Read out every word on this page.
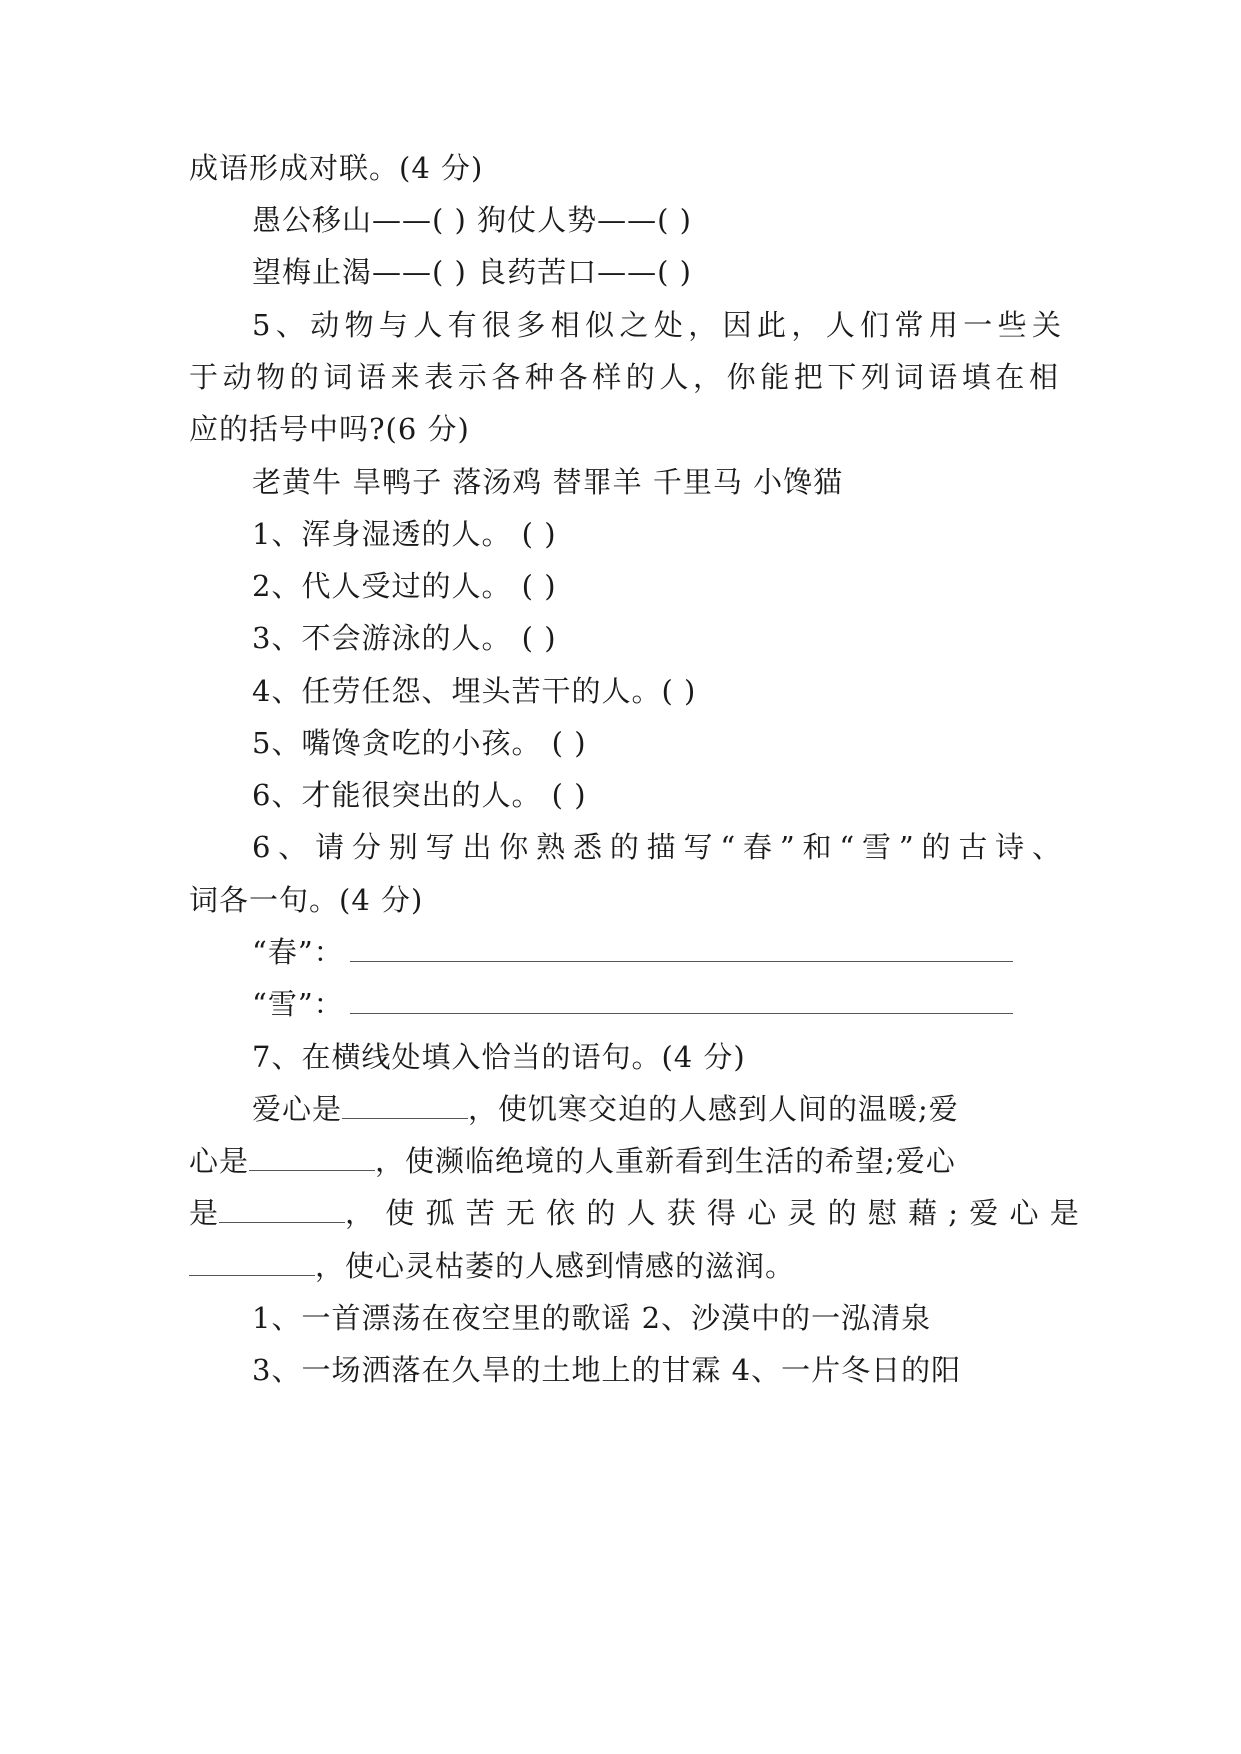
成语形成对联。(4 分)
愚公移山——( ) 狗仗人势——( )
望梅止渴——( ) 良药苦口——( )
5、动物与人有很多相似之处，因此，人们常用一些关
于动物的词语来表示各种各样的人，你能把下列词语填在相
应的括号中吗?(6 分)
老黄牛 旱鸭子 落汤鸡 替罪羊 千里马 小馋猫
1、浑身湿透的人。 ( )
2、代人受过的人。 ( )
3、不会游泳的人。 ( )
4、任劳任怨、埋头苦干的人。( )
5、嘴馋贪吃的小孩。 ( )
6、才能很突出的人。 ( )
6、请分别写出你熟悉的描写“春”和“雪”的古诗、
词各一句。(4 分)
“春”：
“雪”：
7、在横线处填入恰当的语句。(4 分)
爱心是	，使饥寒交迫的人感到人间的温暖;爱
心是	，使濒临绝境的人重新看到生活的希望;爱心
是	， 使 孤 苦 无 依 的 人 获 得 心 灵 的 慰 藉 ; 爱 心 是
，使心灵枯萎的人感到情感的滋润。
1、一首漂荡在夜空里的歌谣 2、沙漠中的一泓清泉
3、一场洒落在久旱的土地上的甘霖 4、一片冬日的阳
